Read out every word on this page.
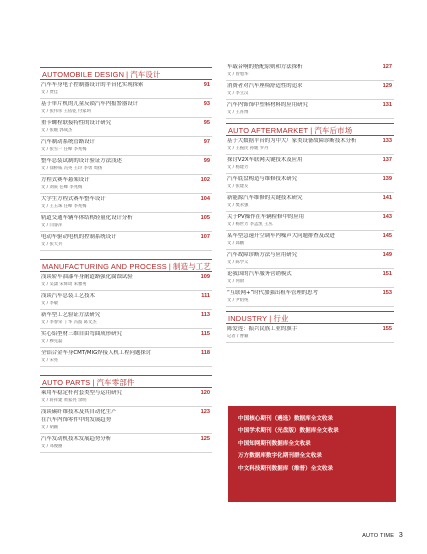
AUTOMOBILE DESIGN | 汽车设计
汽车车身电子控制器设计的平台化实现探索
文 / 贾佳
91
基于单片机的儿童反锁汽车内报警器设计
文 / 张伟伟 王依乾 付家珂
93
重卡螺栓联接特性的设计研究
文 / 张媛 郭成杰
95
汽车制动系统管路设计
文 / 张雪一 任峰 李兆梅
97
整车总装试制的设计验证方法浅述
文 / 徐桥威 冯英 王玲 李勇 周扬
99
方程式赛车悬架设计
文 / 刘寅 任峰 李兆梅
102
大学生方程式赛车整车设计
文 / 王玉珠 任峰 李兆梅
104
轨道交通车辆车体结构轻量化设计分析
文 / 闫睿萍
105
电动车驱动电机的控制系统设计
文 / 张天兵
107
MANUFACTURING AND PROCESS | 制造与工艺
浅谈轿车油漆车身耐道路强化腐蚀试验
文 / 吴潇 宋辉琦 朱雅男
109
浅谈汽车总装工艺技术
文 / 李敏
111
新车型工艺验证方法研究
文 / 李春荣 丁华 冯波 葛文杰
113
实心铝型材三维自由弯曲成形研究
文 / 穆克磊
115
全铝合金车身CMT/MIG焊接人机工程问题探讨
文 / 宋亮
118
AUTO PARTS | 汽车零部件
乘用车稳定杆衬套类型与运用研究
文 / 蒋祥建 黄家亮 余明
120
浅谈碳纤维技术及其自动化生产
在汽车内饰零件中的发展趋势
文 / 胡颖
123
汽车发动机技术发展趋势分析
文 / 邓俊丽
125
车载音响的搭配原则和方法探析
文 / 曾旭华
127
消费者对汽车座椅舒适性的追求
文 / 李立汉
129
汽车内饰饰中塑料材料的应用研究
文 / 王宵博
131
AUTO AFTERMARKET | 汽车后市场
基于大数据平台的为中大厂家类设备故障诊断技术分析
文 / 王振民 孙媛 罗丹
133
探讨V2X车联网关键技术及应用
文 / 杨建芳
137
汽车底盘构造与维修技术研究
文 / 张建友
139
新能源汽车维修的关键技术研究
文 / 樊永强
141
关于PV操作在车辆检修中的应用
文 / 杨世芳 李孟凯 王丛
143
某车型急速开空调车内噪声大问题排查及改进
文 / 邱鹏
145
汽车故障诊断方法与应用研究
文 / 陈学义
149
论我国的汽车服务营销模式
文 / 何俞
151
“互联网+”时代加强出租车管理的思考
文 / 尹绍纯
153
INDUSTRY | 行业
陈爱莲：振兴民族工业的旗手
记者 / 曹颖
155
中国核心期刊（遴选）数据库全文收录
中国学术期刊（光盘版）数据库全文收录
中国知网期刊数据库全文收录
万方数据库数字化期刊群全文收录
中文科技期刊数据库（维普）全文收录
AUTO TIME 3
